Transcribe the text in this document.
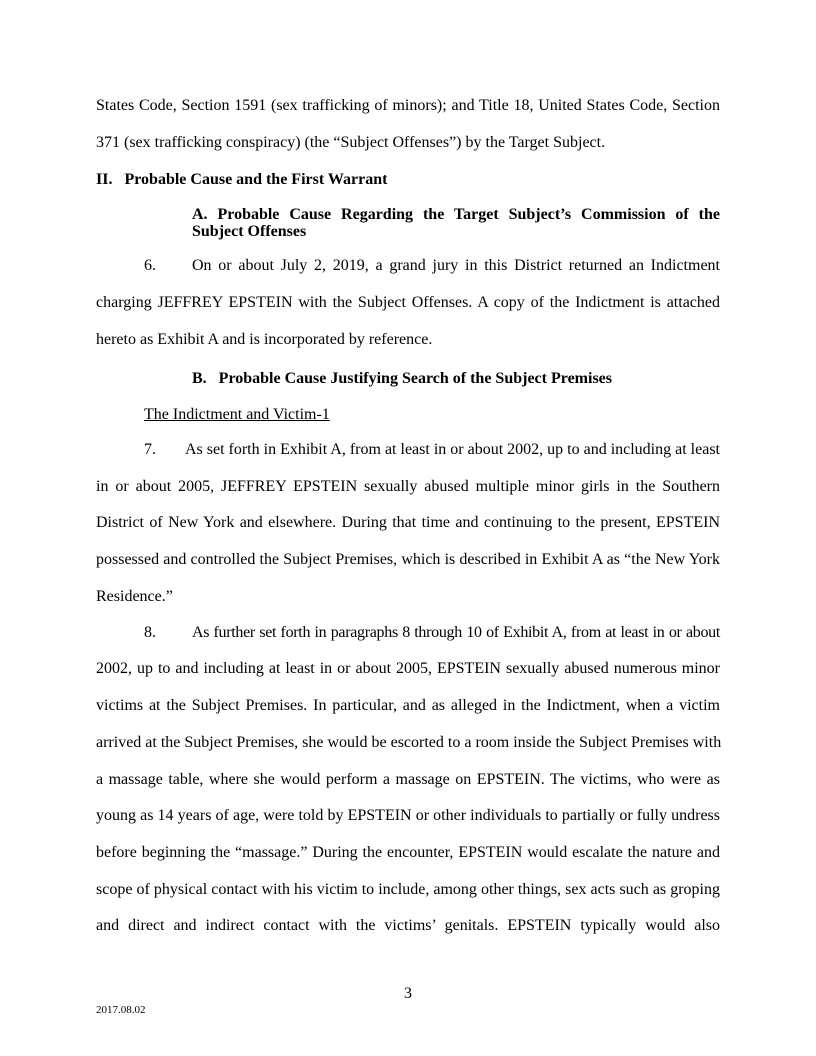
States Code, Section 1591 (sex trafficking of minors); and Title 18, United States Code, Section
371 (sex trafficking conspiracy) (the “Subject Offenses”) by the Target Subject.
II.   Probable Cause and the First Warrant
A. Probable Cause Regarding the Target Subject’s Commission of the
Subject Offenses
6.	On or about July 2, 2019, a grand jury in this District returned an Indictment
charging JEFFREY EPSTEIN with the Subject Offenses. A copy of the Indictment is attached
hereto as Exhibit A and is incorporated by reference.
B.   Probable Cause Justifying Search of the Subject Premises
The Indictment and Victim-1
7.	As set forth in Exhibit A, from at least in or about 2002, up to and including at least
in or about 2005, JEFFREY EPSTEIN sexually abused multiple minor girls in the Southern
District of New York and elsewhere. During that time and continuing to the present, EPSTEIN
possessed and controlled the Subject Premises, which is described in Exhibit A as “the New York
Residence.”
8.	As further set forth in paragraphs 8 through 10 of Exhibit A, from at least in or about
2002, up to and including at least in or about 2005, EPSTEIN sexually abused numerous minor
victims at the Subject Premises. In particular, and as alleged in the Indictment, when a victim
arrived at the Subject Premises, she would be escorted to a room inside the Subject Premises with
a massage table, where she would perform a massage on EPSTEIN. The victims, who were as
young as 14 years of age, were told by EPSTEIN or other individuals to partially or fully undress
before beginning the “massage.” During the encounter, EPSTEIN would escalate the nature and
scope of physical contact with his victim to include, among other things, sex acts such as groping
and direct and indirect contact with the victims’ genitals. EPSTEIN typically would also
3
2017.08.02
